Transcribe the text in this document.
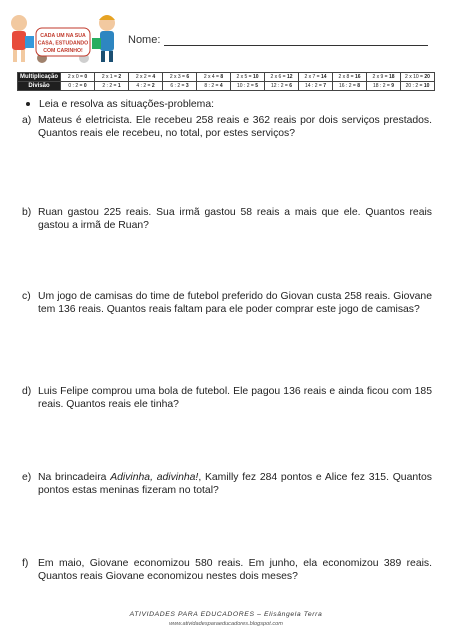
CADA UM NA SUA
CASA, ESTUDANDO
COM CARINHO!
Nome:
Multiplicação	2 x 0 = 0	2 x 1 = 2	2 x 2 = 4	2 x 3 = 6	2 x 4 = 8	2 x 5 = 10	2 x 6 = 12	2 x 7 = 14	2 x 8 = 16	2 x 9 = 18	2 x 10 = 20
Divisão	0 : 2 = 0	2 : 2 = 1	4 : 2 = 2	6 : 2 = 3	8 : 2 = 4	10 : 2 = 5	12 : 2 = 6	14 : 2 = 7	16 : 2 = 8	18 : 2 = 9	20 : 2 = 10
Leia e resolva as situações-problema:
a) Mateus é eletricista. Ele recebeu 258 reais e 362 reais por dois serviços prestados. Quantos reais ele recebeu, no total, por estes serviços?
b) Ruan gastou 225 reais. Sua irmã gastou 58 reais a mais que ele. Quantos reais gastou a irmã de Ruan?
c) Um jogo de camisas do time de futebol preferido do Giovan custa 258 reais. Giovane tem 136 reais. Quantos reais faltam para ele poder comprar este jogo de camisas?
d) Luis Felipe comprou uma bola de futebol. Ele pagou 136 reais e ainda ficou com 185 reais. Quantos reais ele tinha?
e) Na brincadeira Adivinha, adivinha!, Kamilly fez 284 pontos e Alice fez 315. Quantos pontos estas meninas fizeram no total?
f) Em maio, Giovane economizou 580 reais. Em junho, ela economizou 389 reais. Quantos reais Giovane economizou nestes dois meses?
ATIVIDADES PARA EDUCADORES – Elisângela Terra
www.atividadesparaeducadores.blogspot.com
